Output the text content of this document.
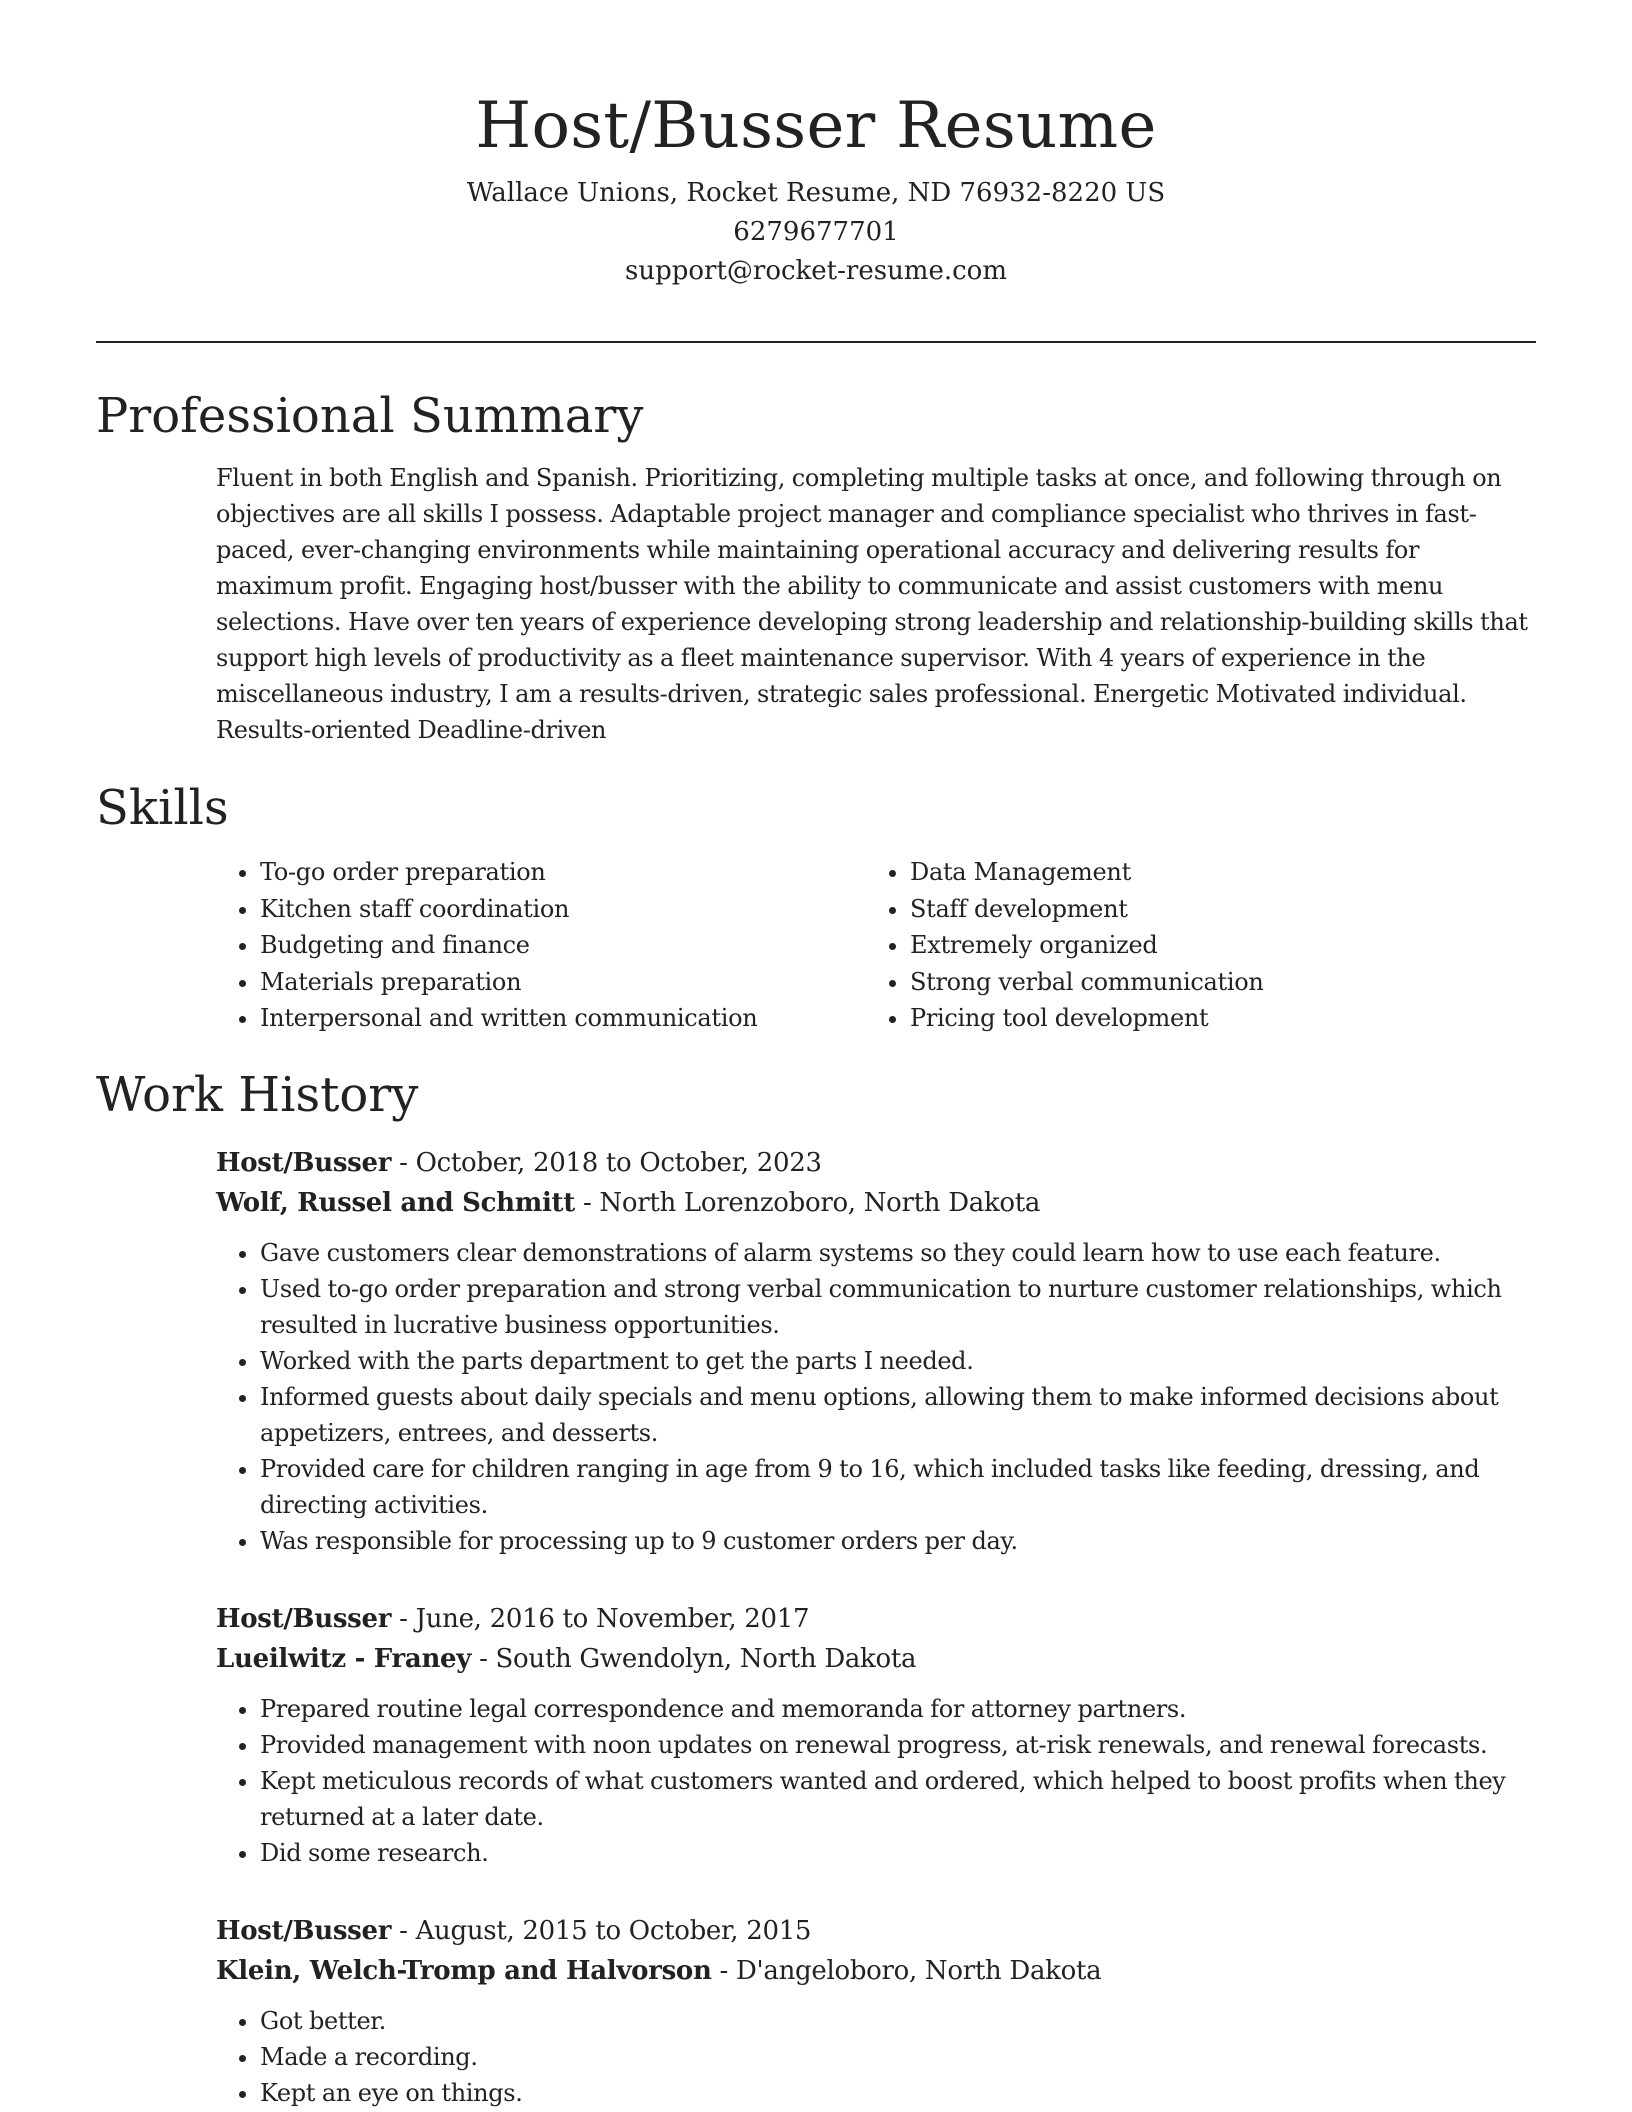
Host/Busser Resume
Wallace Unions, Rocket Resume, ND 76932-8220 US
6279677701
support@rocket-resume.com
Professional Summary

Fluent in both English and Spanish. Prioritizing, completing multiple tasks at once, and following through on objectives are all skills I possess. Adaptable project manager and compliance specialist who thrives in fast-paced, ever-changing environments while maintaining operational accuracy and delivering results for maximum profit. Engaging host/busser with the ability to communicate and assist customers with menu selections. Have over ten years of experience developing strong leadership and relationship-building skills that support high levels of productivity as a fleet maintenance supervisor. With 4 years of experience in the miscellaneous industry, I am a results-driven, strategic sales professional. Energetic Motivated individual. Results-oriented Deadline-driven

Skills
• To-go order preparation
• Kitchen staff coordination
• Budgeting and finance
• Materials preparation
• Interpersonal and written communication
• Data Management
• Staff development
• Extremely organized
• Strong verbal communication
• Pricing tool development
Work History
Host/Busser - October, 2018 to October, 2023
Wolf, Russel and Schmitt - North Lorenzoboro, North Dakota
• Gave customers clear demonstrations of alarm systems so they could learn how to use each feature.
• Used to-go order preparation and strong verbal communication to nurture customer relationships, which resulted in lucrative business opportunities.
• Worked with the parts department to get the parts I needed.
• Informed guests about daily specials and menu options, allowing them to make informed decisions about appetizers, entrees, and desserts.
• Provided care for children ranging in age from 9 to 16, which included tasks like feeding, dressing, and directing activities.
• Was responsible for processing up to 9 customer orders per day.
Host/Busser - June, 2016 to November, 2017
Lueilwitz - Franey - South Gwendolyn, North Dakota
• Prepared routine legal correspondence and memoranda for attorney partners.
• Provided management with noon updates on renewal progress, at-risk renewals, and renewal forecasts.
• Kept meticulous records of what customers wanted and ordered, which helped to boost profits when they returned at a later date.
• Did some research.
Host/Busser - August, 2015 to October, 2015
Klein, Welch-Tromp and Halvorson - D'angeloboro, North Dakota
• Got better.
• Made a recording.
• Kept an eye on things.
